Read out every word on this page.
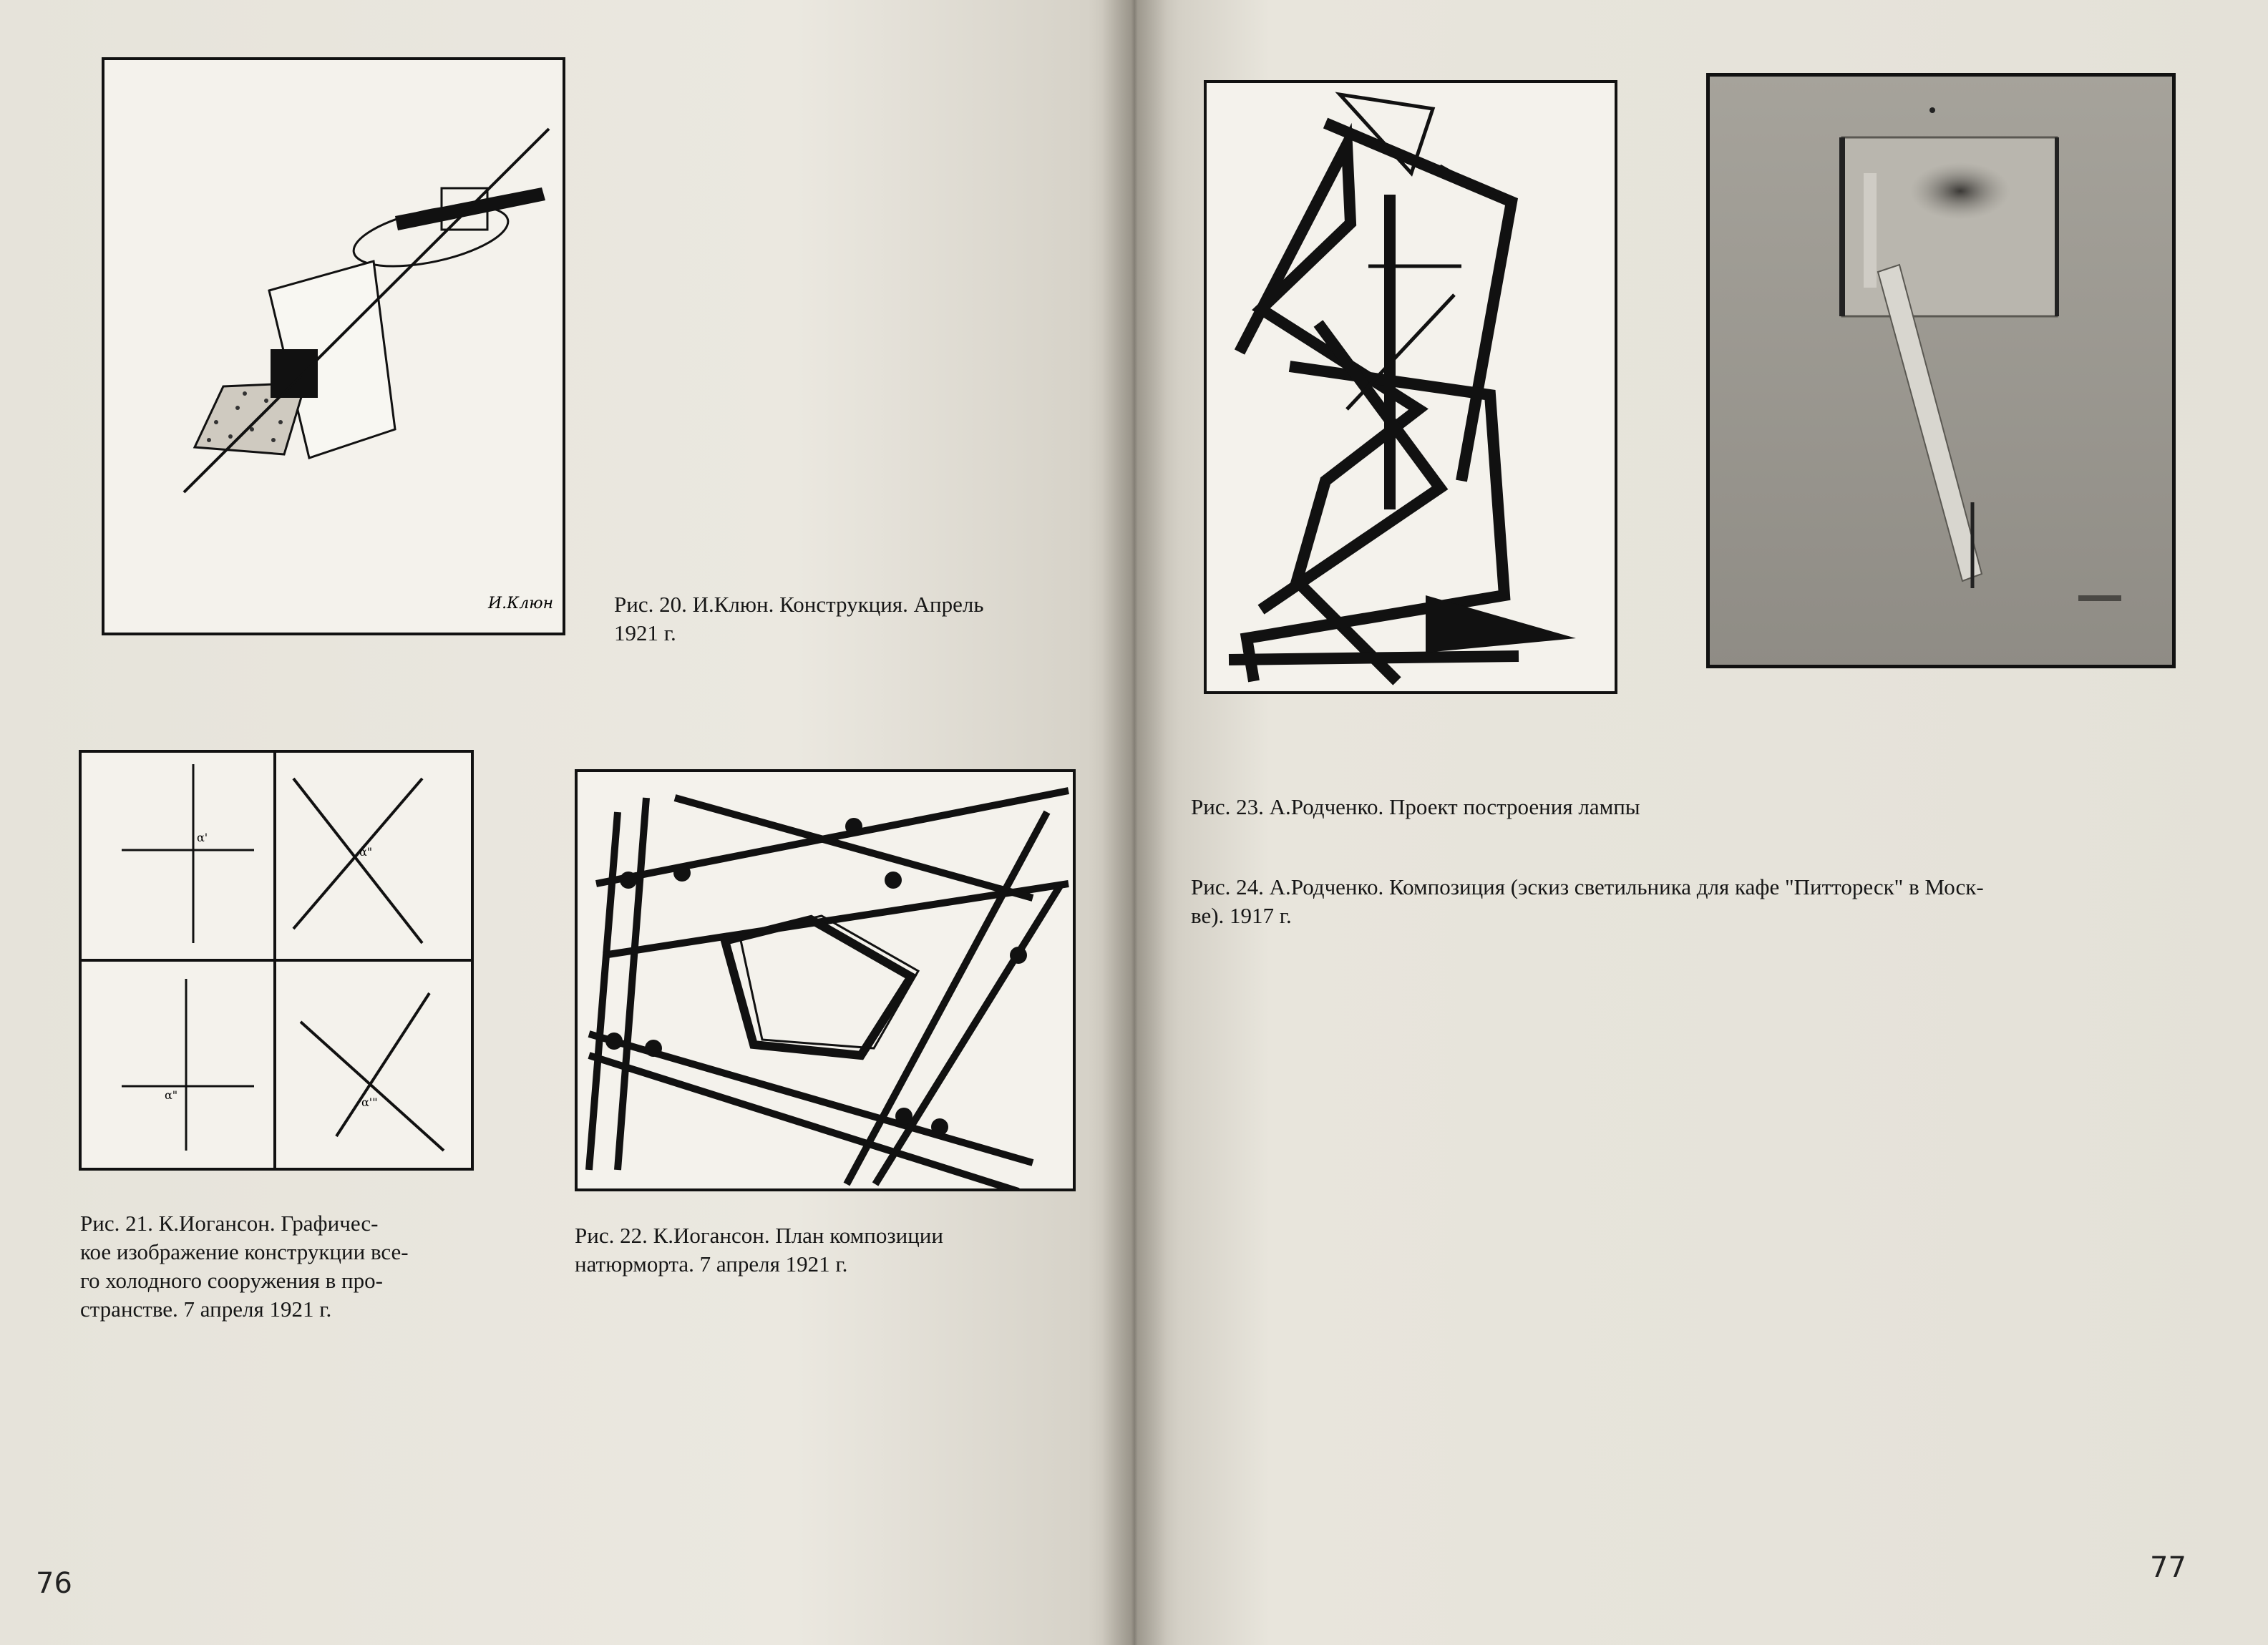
И.Клюн	Рис. 20. И.Клюн. Конструкция. Апрель
1921 г.
α'
α"
α"
α'"
Рис. 21. К.Иогансон. Графичес-
кое изображение конструкции все-
го холодного сооружения в про-
странстве. 7 апреля 1921 г.
Рис. 22. К.Иогансон. План композиции
натюрморта. 7 апреля 1921 г.
76
Рис. 23. А.Родченко. Проект построения лампы
Рис. 24. А.Родченко. Композиция (эскиз светильника для кафе "Питтореск" в Моск-
ве). 1917 г.
77
